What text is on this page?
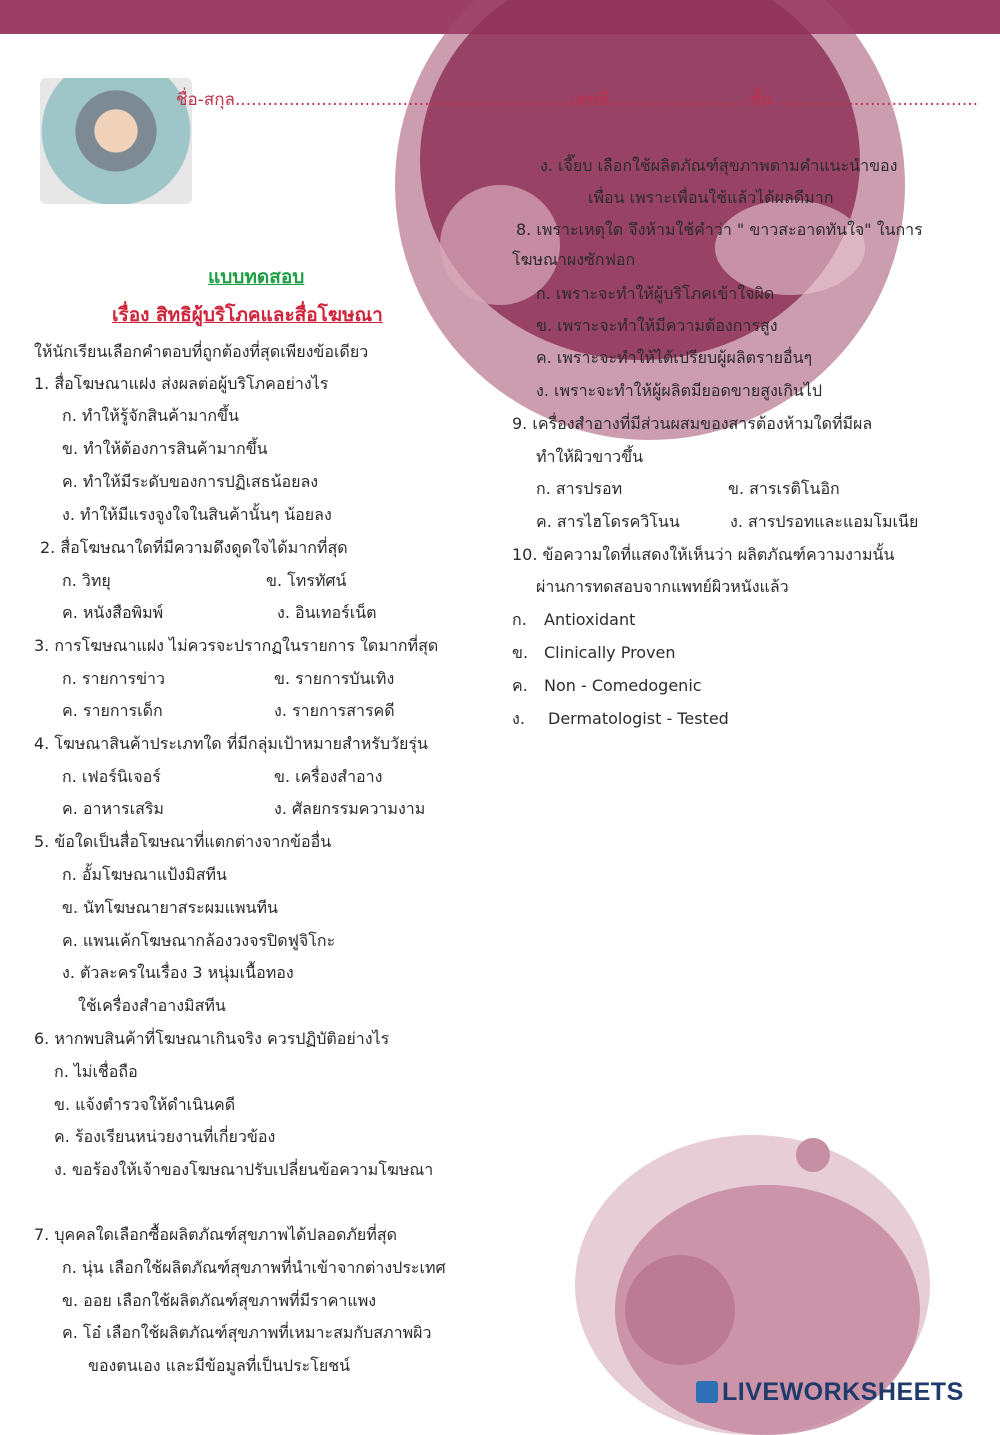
ชื่อ-สกุล..............................................................เลขที่..........................ชั้น .....................................
แบบทดสอบ
เรื่อง สิทธิผู้บริโภคและสื่อโฆษณา
ให้นักเรียนเลือกคำตอบที่ถูกต้องที่สุดเพียงข้อเดียว
1. สื่อโฆษณาแฝง ส่งผลต่อผู้บริโภคอย่างไร
ก. ทำให้รู้จักสินค้ามากขึ้น
ข. ทำให้ต้องการสินค้ามากขึ้น
ค. ทำให้มีระดับของการปฏิเสธน้อยลง
ง. ทำให้มีแรงจูงใจในสินค้านั้นๆ น้อยลง
2. สื่อโฆษณาใดที่มีความดึงดูดใจได้มากที่สุด
ก. วิทยุ	ข. โทรทัศน์
ค. หนังสือพิมพ์	ง. อินเทอร์เน็ต
3. การโฆษณาแฝง ไม่ควรจะปรากฏในรายการ ใดมากที่สุด
ก. รายการข่าว	ข. รายการบันเทิง
ค. รายการเด็ก	ง. รายการสารคดี
4. โฆษณาสินค้าประเภทใด ที่มีกลุ่มเป้าหมายสำหรับวัยรุ่น
ก. เฟอร์นิเจอร์	ข. เครื่องสำอาง
ค. อาหารเสริม	ง. ศัลยกรรมความงาม
5. ข้อใดเป็นสื่อโฆษณาที่แตกต่างจากข้ออื่น
ก. อั้มโฆษณาแป้งมิสทีน
ข. นัทโฆษณายาสระผมแพนทีน
ค. แพนเค้กโฆษณากล้องวงจรปิดฟูจิโกะ
ง. ตัวละครในเรื่อง 3 หนุ่มเนื้อทอง
ใช้เครื่องสำอางมิสทีน
6. หากพบสินค้าที่โฆษณาเกินจริง ควรปฏิบัติอย่างไร
ก. ไม่เชื่อถือ
ข. แจ้งตำรวจให้ดำเนินคดี
ค. ร้องเรียนหน่วยงานที่เกี่ยวข้อง
ง. ขอร้องให้เจ้าของโฆษณาปรับเปลี่ยนข้อความโฆษณา
7. บุคคลใดเลือกซื้อผลิตภัณฑ์สุขภาพได้ปลอดภัยที่สุด
ก. นุ่น เลือกใช้ผลิตภัณฑ์สุขภาพที่นำเข้าจากต่างประเทศ
ข. ออย เลือกใช้ผลิตภัณฑ์สุขภาพที่มีราคาแพง
ค. โอ๋ เลือกใช้ผลิตภัณฑ์สุขภาพที่เหมาะสมกับสภาพผิว
ของตนเอง และมีข้อมูลที่เป็นประโยชน์
ง. เจี๊ยบ เลือกใช้ผลิตภัณฑ์สุขภาพตามคำแนะนำของ
เพื่อน เพราะเพื่อนใช้แล้วได้ผลดีมาก
8. เพราะเหตุใด จึงห้ามใช้คำว่า " ขาวสะอาดทันใจ" ในการ
โฆษณาผงซักฟอก
ก. เพราะจะทำให้ผู้บริโภคเข้าใจผิด
ข. เพราะจะทำให้มีความต้องการสูง
ค. เพราะจะทำให้ได้เปรียบผู้ผลิตรายอื่นๆ
ง. เพราะจะทำให้ผู้ผลิตมียอดขายสูงเกินไป
9. เครื่องสำอางที่มีส่วนผสมของสารต้องห้ามใดที่มีผล
ทำให้ผิวขาวขึ้น
ก. สารปรอท	ข. สารเรติโนอิก
ค. สารไฮโดรควิโนน	ง. สารปรอทและแอมโมเนีย
10. ข้อความใดที่แสดงให้เห็นว่า ผลิตภัณฑ์ความงามนั้น
ผ่านการทดสอบจากแพทย์ผิวหนังแล้ว
ก. Antioxidant
ข. Clinically Proven
ค. Non - Comedogenic
ง. Dermatologist - Tested
LIVEWORKSHEETS
